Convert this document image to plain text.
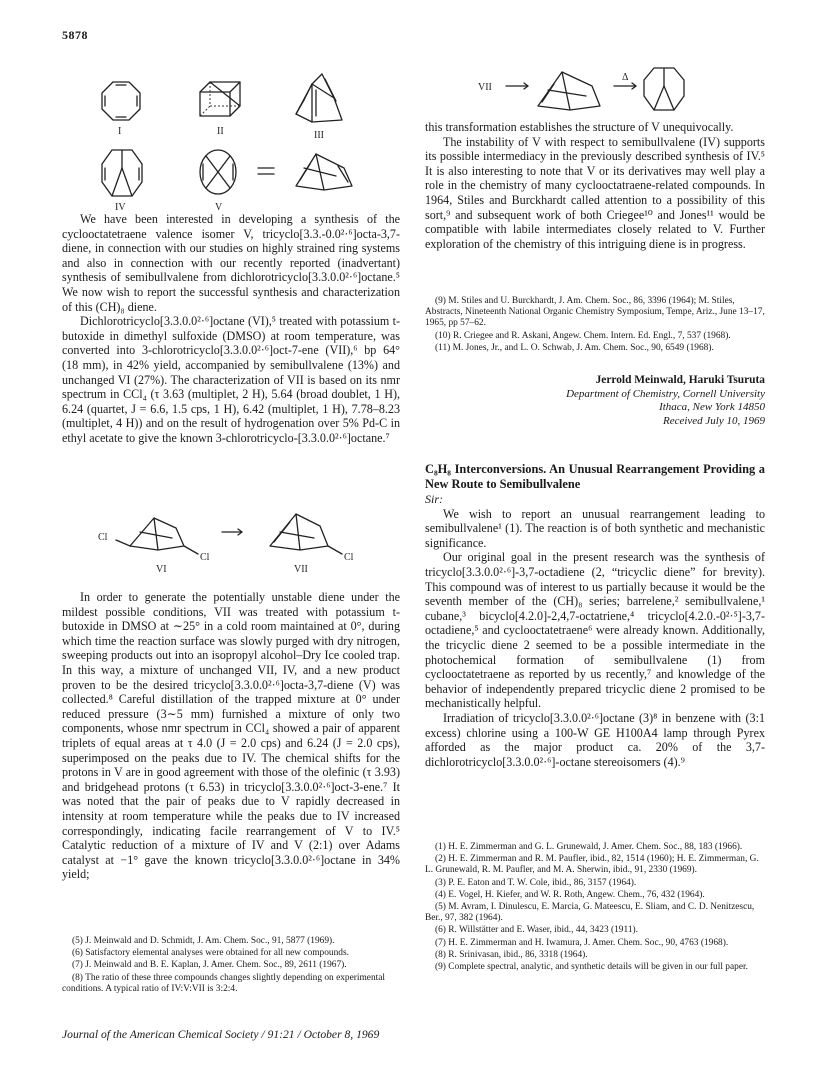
5878
I	II	III
IV	V

We have been interested in developing a synthesis of the cyclooctatetraene valence isomer V, tricyclo[3.3.-0.0²·⁶]octa-3,7-diene, in connection with our studies on highly strained ring systems and also in connection with our recently reported (inadvertant) synthesis of semibullvalene from dichlorotricyclo[3.3.0.0²·⁶]octane.⁵ We now wish to report the successful synthesis and characterization of this (CH)₈ diene.

Dichlorotricyclo[3.3.0.0²·⁶]octane (VI),⁵ treated with potassium t-butoxide in dimethyl sulfoxide (DMSO) at room temperature, was converted into 3-chlorotricyclo[3.3.0.0²·⁶]oct-7-ene (VII),⁶ bp 64° (18 mm), in 42% yield, accompanied by semibullvalene (13%) and unchanged VI (27%). The characterization of VII is based on its nmr spectrum in CCl₄ (τ 3.63 (multiplet, 2 H), 5.64 (broad doublet, 1 H), 6.24 (quartet, J = 6.6, 1.5 cps, 1 H), 6.42 (multiplet, 1 H), 7.78–8.23 (multiplet, 4 H)) and on the result of hydrogenation over 5% Pd-C in ethyl acetate to give the known 3-chlorotricyclo-[3.3.0.0²·⁶]octane.⁷

Cl
Cl
VI
Cl
VII

In order to generate the potentially unstable diene under the mildest possible conditions, VII was treated with potassium t-butoxide in DMSO at ∼25° in a cold room maintained at 0°, during which time the reaction surface was slowly purged with dry nitrogen, sweeping products out into an isopropyl alcohol–Dry Ice cooled trap. In this way, a mixture of unchanged VII, IV, and a new product proven to be the desired tricyclo[3.3.0.0²·⁶]octa-3,7-diene (V) was collected.⁸ Careful distillation of the trapped mixture at 0° under reduced pressure (3∼5 mm) furnished a mixture of only two components, whose nmr spectrum in CCl₄ showed a pair of apparent triplets of equal areas at τ 4.0 (J = 2.0 cps) and 6.24 (J = 2.0 cps), superimposed on the peaks due to IV. The chemical shifts for the protons in V are in good agreement with those of the olefinic (τ 3.93) and bridgehead protons (τ 6.53) in tricyclo[3.3.0.0²·⁶]oct-3-ene.⁷ It was noted that the pair of peaks due to V rapidly decreased in intensity at room temperature while the peaks due to IV increased correspondingly, indicating facile rearrangement of V to IV.⁵ Catalytic reduction of a mixture of IV and V (2:1) over Adams catalyst at −1° gave the known tricyclo[3.3.0.0²·⁶]octane in 34% yield;

(5) J. Meinwald and D. Schmidt, J. Am. Chem. Soc., 91, 5877 (1969).

(6) Satisfactory elemental analyses were obtained for all new compounds.

(7) J. Meinwald and B. E. Kaplan, J. Amer. Chem. Soc., 89, 2611 (1967).

(8) The ratio of these three compounds changes slightly depending on experimental conditions. A typical ratio of IV:V:VII is 3:2:4.

VII
Δ

this transformation establishes the structure of V unequivocally.

The instability of V with respect to semibullvalene (IV) supports its possible intermediacy in the previously described synthesis of IV.⁵ It is also interesting to note that V or its derivatives may well play a role in the chemistry of many cyclooctatraene-related compounds. In 1964, Stiles and Burckhardt called attention to a possibility of this sort,⁹ and subsequent work of both Criegee¹⁰ and Jones¹¹ would be compatible with labile intermediates closely related to V. Further exploration of the chemistry of this intriguing diene is in progress.

(9) M. Stiles and U. Burckhardt, J. Am. Chem. Soc., 86, 3396 (1964); M. Stiles, Abstracts, Nineteenth National Organic Chemistry Symposium, Tempe, Ariz., June 13–17, 1965, pp 57–62.

(10) R. Criegee and R. Askani, Angew. Chem. Intern. Ed. Engl., 7, 537 (1968).

(11) M. Jones, Jr., and L. O. Schwab, J. Am. Chem. Soc., 90, 6549 (1968).

Jerrold Meinwald, Haruki Tsuruta
Department of Chemistry, Cornell University
Ithaca, New York 14850
Received July 10, 1969

C₈H₈ Interconversions. An Unusual Rearrangement Providing a New Route to Semibullvalene

Sir:

We wish to report an unusual rearrangement leading to semibullvalene¹ (1). The reaction is of both synthetic and mechanistic significance.

Our original goal in the present research was the synthesis of tricyclo[3.3.0.0²·⁶]-3,7-octadiene (2, “tricyclic diene” for brevity). This compound was of interest to us partially because it would be the seventh member of the (CH)₈ series; barrelene,² semibullvalene,¹ cubane,³ bicyclo[4.2.0]-2,4,7-octatriene,⁴ tricyclo[4.2.0.-0²·⁵]-3,7-octadiene,⁵ and cyclooctatetraene⁶ were already known. Additionally, the tricyclic diene 2 seemed to be a possible intermediate in the photochemical formation of semibullvalene (1) from cyclooctatetraene as reported by us recently,⁷ and knowledge of the behavior of independently prepared tricyclic diene 2 promised to be mechanistically helpful.

Irradiation of tricyclo[3.3.0.0²·⁶]octane (3)⁸ in benzene with (3:1 excess) chlorine using a 100-W GE H100A4 lamp through Pyrex afforded as the major product ca. 20% of the 3,7-dichlorotricyclo[3.3.0.0²·⁶]-octane stereoisomers (4).⁹

(1) H. E. Zimmerman and G. L. Grunewald, J. Amer. Chem. Soc., 88, 183 (1966).

(2) H. E. Zimmerman and R. M. Paufler, ibid., 82, 1514 (1960); H. E. Zimmerman, G. L. Grunewald, R. M. Paufler, and M. A. Sherwin, ibid., 91, 2330 (1969).

(3) P. E. Eaton and T. W. Cole, ibid., 86, 3157 (1964).

(4) E. Vogel, H. Kiefer, and W. R. Roth, Angew. Chem., 76, 432 (1964).

(5) M. Avram, I. Dinulescu, E. Marcia, G. Mateescu, E. Sliam, and C. D. Nenitzescu, Ber., 97, 382 (1964).

(6) R. Willstätter and E. Waser, ibid., 44, 3423 (1911).

(7) H. E. Zimmerman and H. Iwamura, J. Amer. Chem. Soc., 90, 4763 (1968).

(8) R. Srinivasan, ibid., 86, 3318 (1964).

(9) Complete spectral, analytic, and synthetic details will be given in our full paper.

Journal of the American Chemical Society / 91:21 / October 8, 1969
